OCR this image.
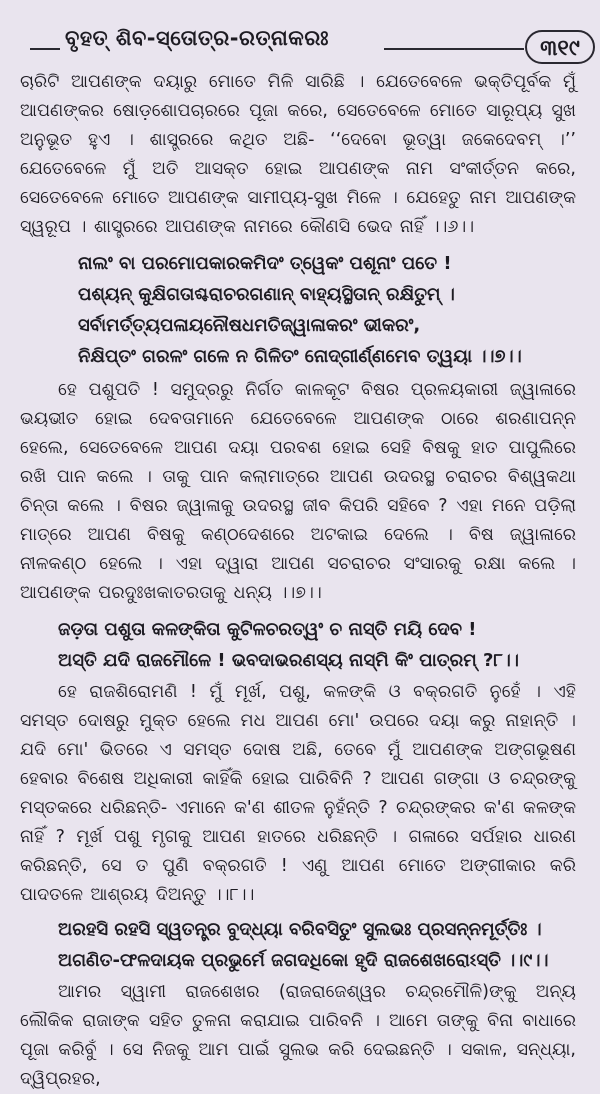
ବୃହତ୍ ଶିବ-ସ୍ତୋତ୍ର-ରତ୍ନାକରଃ	୩୧୯

ଚାରିଟି ଆପଣଙ୍କ ଦୟାରୁ ମୋତେ ମିଳି ସାରିଛି । ଯେତେବେଳେ ଭକ୍ତିପୂର୍ବକ ମୁଁ ଆପଣଙ୍କର ଷୋଡ଼ଶୋପଚାରରେ ପୂଜା କରେ, ସେତେବେଳେ ମୋତେ ସାରୂପ୍ୟ ସୁଖ ଅନୁଭୂତ ହୁଏ । ଶାସ୍ତ୍ରରେ କଥିତ ଅଛି- ‘‘ଦେବୋ ଭୂତ୍ୱା ଜକେଦେବମ୍ ।’’ ଯେତେବେଳେ ମୁଁ ଅତି ଆସକ୍ତ ହୋଇ ଆପଣଙ୍କ ନାମ ସଂକୀର୍ତ୍ତନ କରେ, ସେତେବେଳେ ମୋତେ ଆପଣଙ୍କ ସାମୀପ୍ୟ-ସୁଖ ମିଳେ । ଯେହେତୁ ନାମ ଆପଣଙ୍କ ସ୍ୱରୂପ । ଶାସ୍ତ୍ରରେ ଆପଣଙ୍କ ନାମରେ କୌଣସି ଭେଦ ନାହିଁ ।।୬।।

ନାଲଂ ବା ପରମୋପକାରକମିଦଂ ତ୍ୱେକଂ ପଶୂନାଂ ପତେ !
ପଶ୍ୟନ୍ କୁକ୍ଷିଗତାଶ୍ଚରାଚରଗଣାନ୍ ବାହ୍ୟସ୍ଥିତାନ୍ ରକ୍ଷିତୁମ୍ ।
ସର୍ବାମର୍ତ୍ତ୍ୟପଳାୟନୌଷଧମତିଜ୍ୱାଳାକରଂ ଭୀକରଂ,
ନିକ୍ଷିପ୍ତଂ ଗରଳଂ ଗଳେ ନ ଗିଳିତଂ ନୋଦ୍ଗୀର୍ଣ୍ଣମେବ ତ୍ୱୟା ।।୭।।

ହେ ପଶୁପତି ! ସମୁଦ୍ରରୁ ନିର୍ଗତ କାଳକୂଟ ବିଷର ପ୍ରଳୟକାରୀ ଜ୍ୱାଳାରେ ଭୟଭୀତ ହୋଇ ଦେବତାମାନେ ଯେତେବେଳେ ଆପଣଙ୍କ ଠାରେ ଶରଣାପନ୍ନ ହେଲେ, ସେତେବେଳେ ଆପଣ ଦୟା ପରବଶ ହୋଇ ସେହି ବିଷକୁ ହାତ ପାପୁଲିରେ ରଖି ପାନ କଲେ । ତାକୁ ପାନ କଲାମାତ୍ରେ ଆପଣ ଉଦରସ୍ଥ ଚରାଚର ବିଶ୍ୱକଥା ଚିନ୍ତା କଲେ । ବିଷର ଜ୍ୱାଳାକୁ ଉଦରସ୍ଥ ଜୀବ କିପରି ସହିବେ ? ଏହା ମନେ ପଡ଼ିଲା ମାତ୍ରେ ଆପଣ ବିଷକୁ କଣ୍ଠଦେଶରେ ଅଟକାଇ ଦେଲେ । ବିଷ ଜ୍ୱାଳାରେ ନୀଳକଣ୍ଠ ହେଲେ । ଏହା ଦ୍ୱାରା ଆପଣ ସଚରାଚର ସଂସାରକୁ ରକ୍ଷା କଲେ । ଆପଣଙ୍କ ପରଦୁଃଖକାତରତାକୁ ଧନ୍ୟ ।।୭।।

ଜଡ଼ତା ପଶୁତା କଳଙ୍କିତା କୁଟିଳଚରତ୍ୱଂ ଚ ନାସ୍ତି ମୟି ଦେବ !
ଅସ୍ତି ଯଦି ରାଜମୌଳେ ! ଭବଦାଭରଣସ୍ୟ ନାସ୍ମି କିଂ ପାତ୍ରମ୍ ?୮।।

ହେ ରାଜଶିରୋମଣି ! ମୁଁ ମୂର୍ଖ, ପଶୁ, କଳଙ୍କି ଓ ବକ୍ରଗତି ନୁହେଁ । ଏହି ସମସ୍ତ ଦୋଷରୁ ମୁକ୍ତ ହେଲେ ମଧ ଆପଣ ମୋ' ଉପରେ ଦୟା କରୁ ନାହାନ୍ତି । ଯଦି ମୋ' ଭିତରେ ଏ ସମସ୍ତ ଦୋଷ ଅଛି, ତେବେ ମୁଁ ଆପଣଙ୍କ ଅଙ୍ଗଭୂଷଣ ହେବାର ବିଶେଷ ଅଧିକାରୀ କାହିଁକି ହୋଇ ପାରିବିନି ? ଆପଣ ଗଙ୍ଗା ଓ ଚନ୍ଦ୍ରଙ୍କୁ ମସ୍ତକରେ ଧରିଛନ୍ତି- ଏମାନେ କ'ଣ ଶୀତଳ ନୁହଁନ୍ତି ? ଚନ୍ଦ୍ରଙ୍କର କ'ଣ କଳଙ୍କ ନାହିଁ ? ମୂର୍ଖ ପଶୁ ମୃଗକୁ ଆପଣ ହାତରେ ଧରିଛନ୍ତି । ଗଳାରେ ସର୍ପହାର ଧାରଣ କରିଛନ୍ତି, ସେ ତ ପୁଣି ବକ୍ରଗତି ! ଏଣୁ ଆପଣ ମୋତେ ଅଙ୍ଗୀକାର କରି ପାଦତଳେ ଆଶ୍ରୟ ଦିଅନ୍ତୁ ।।୮।।

ଅରହସି ରହସି ସ୍ୱତନ୍ତ୍ର ବୁଦ୍ଧ୍ୟା ବରିବସିତୁଂ ସୁଲଭଃ ପ୍ରସନ୍ନମୂର୍ତ୍ତିଃ ।
ଅଗଣିତ-ଫଳଦାୟକ ପ୍ରଭୁର୍ମେ ଜଗଦଧିକୋ ହୃଦି ରାଜଶେଖରୋଽସ୍ତି ।।୯।।

ଆମର ସ୍ୱାମୀ ରାଜଶେଖର (ରାଜରାଜେଶ୍ୱର ଚନ୍ଦ୍ରମୌଳି)ଙ୍କୁ ଅନ୍ୟ ଲୌକିକ ରାଜାଙ୍କ ସହିତ ତୁଳନା କରାଯାଇ ପାରିବନି । ଆମେ ତାଙ୍କୁ ବିନା ବାଧାରେ ପୂଜା କରିବୁଁ । ସେ ନିଜକୁ ଆମ ପାଇଁ ସୁଲଭ କରି ଦେଇଛନ୍ତି । ସକାଳ, ସନ୍ଧ୍ୟା, ଦ୍ୱିପ୍ରହର,
